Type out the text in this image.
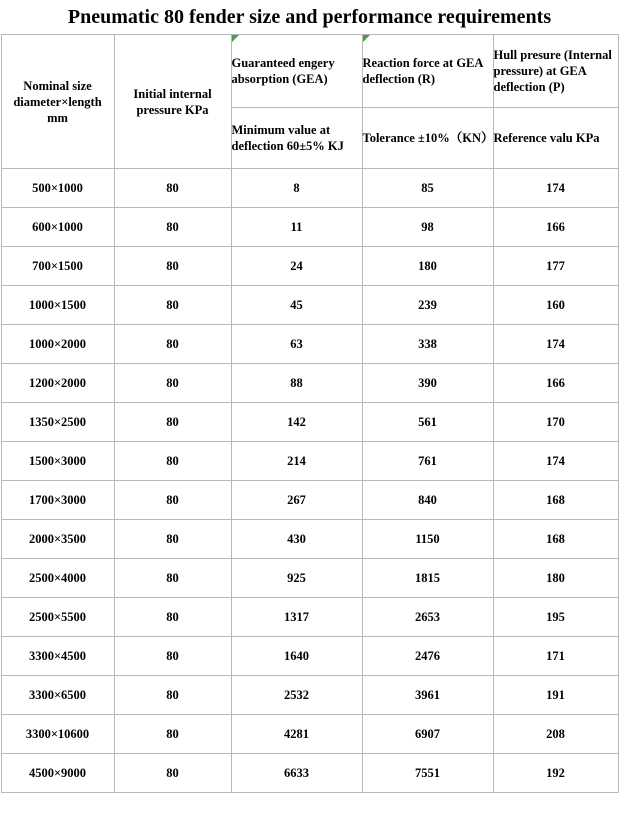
Pneumatic 80 fender size and performance requirements
Nominal size diameter×length mm	Initial internal pressure KPa	Guaranteed engery absorption (GEA)	Reaction force at GEA deflection (R)	Hull presure (Internal pressure) at GEA deflection (P)
		Minimum value at deflection 60±5% KJ	Tolerance ±10%（KN）	Reference valu KPa
500×1000	80	8	85	174
600×1000	80	11	98	166
700×1500	80	24	180	177
1000×1500	80	45	239	160
1000×2000	80	63	338	174
1200×2000	80	88	390	166
1350×2500	80	142	561	170
1500×3000	80	214	761	174
1700×3000	80	267	840	168
2000×3500	80	430	1150	168
2500×4000	80	925	1815	180
2500×5500	80	1317	2653	195
3300×4500	80	1640	2476	171
3300×6500	80	2532	3961	191
3300×10600	80	4281	6907	208
4500×9000	80	6633	7551	192
